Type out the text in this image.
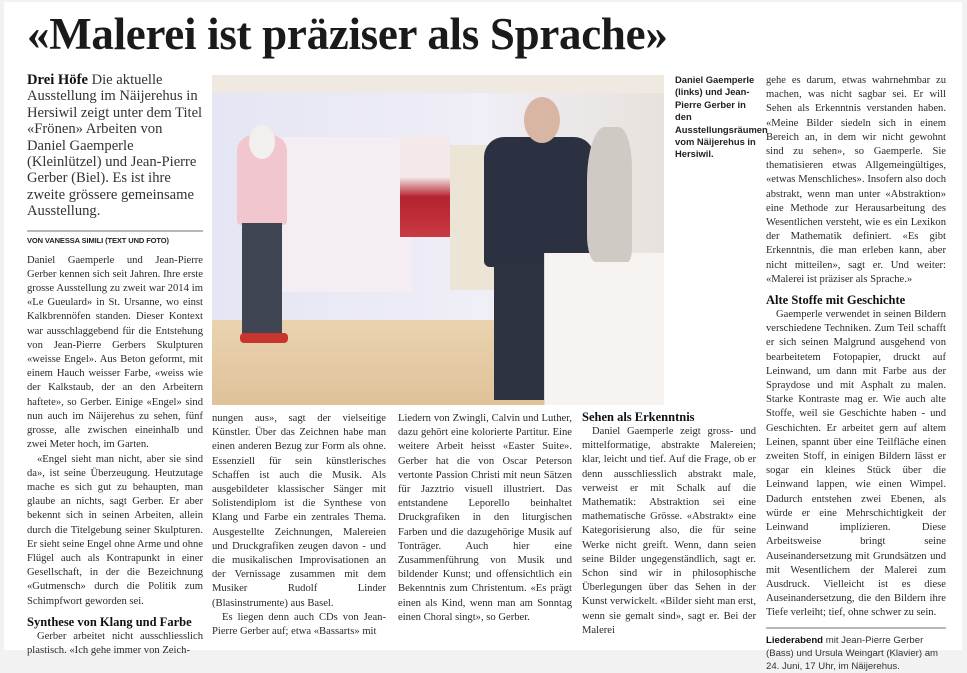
«Malerei ist präziser als Sprache»
Drei Höfe Die aktuelle Ausstellung im Näijerehus in Hersiwil zeigt unter dem Titel «Frönen» Arbeiten von Daniel Gaemperle (Kleinlützel) und Jean-Pierre Gerber (Biel). Es ist ihre zweite grössere gemeinsame Ausstellung.
VON VANESSA SIMILI (TEXT UND FOTO)

Daniel Gaemperle und Jean-Pierre Gerber kennen sich seit Jahren. Ihre erste grosse Ausstellung zu zweit war 2014 im «Le Gueulard» in St. Ursanne, wo einst Kalkbrennöfen standen. Dieser Kontext war ausschlaggebend für die Entstehung von Jean-Pierre Gerbers Skulpturen «weisse Engel». Aus Beton geformt, mit einem Hauch weisser Farbe, «weiss wie der Kalkstaub, der an den Arbeitern haftete», so Gerber. Einige «Engel» sind nun auch im Näijerehus zu sehen, fünf grosse, alle zwischen eineinhalb und zwei Meter hoch, im Garten.

«Engel sieht man nicht, aber sie sind da», ist seine Überzeugung. Heutzutage mache es sich gut zu behaupten, man glaube an nichts, sagt Gerber. Er aber bekennt sich in seinen Arbeiten, allein durch die Titelgebung seiner Skulpturen. Er sieht seine Engel ohne Arme und ohne Flügel auch als Kontrapunkt in einer Gesellschaft, in der die Bezeichnung «Gutmensch» durch die Politik zum Schimpfwort geworden sei.

Synthese von Klang und Farbe

Gerber arbeitet nicht ausschliesslich plastisch. «Ich gehe immer von Zeich-

Daniel Gaemperle (links) und Jean-Pierre Gerber in den Ausstellungsräumen vom Näijerehus in Hersiwil.

nungen aus», sagt der vielseitige Künstler. Über das Zeichnen habe man einen anderen Bezug zur Form als ohne. Essenziell für sein künstlerisches Schaffen ist auch die Musik. Als ausgebildeter klassischer Sänger mit Solistendiplom ist die Synthese von Klang und Farbe ein zentrales Thema. Ausgestellte Zeichnungen, Malereien und Druckgrafiken zeugen davon - und die musikalischen Improvisationen an der Vernissage zusammen mit dem Musiker Rudolf Linder (Blasinstrumente) aus Basel.

Es liegen denn auch CDs von Jean-Pierre Gerber auf; etwa «Bassarts» mit

Liedern von Zwingli, Calvin und Luther, dazu gehört eine kolorierte Partitur. Eine weitere Arbeit heisst «Easter Suite». Gerber hat die von Oscar Peterson vertonte Passion Christi mit neun Sätzen für Jazztrio visuell illustriert. Das entstandene Leporello beinhaltet Druckgrafiken in den liturgischen Farben und die dazugehörige Musik auf Tonträger. Auch hier eine Zusammenführung von Musik und bildender Kunst; und offensichtlich ein Bekenntnis zum Christentum. «Es prägt einen als Kind, wenn man am Sonntag einen Choral singt», so Gerber.

Sehen als Erkenntnis

Daniel Gaemperle zeigt gross- und mittelformatige, abstrakte Malereien; klar, leicht und tief. Auf die Frage, ob er denn ausschliesslich abstrakt male, verweist er mit Schalk auf die Mathematik: Abstraktion sei eine mathematische Grösse. «Abstrakt» eine Kategorisierung also, die für seine Werke nicht greift. Wenn, dann seien seine Bilder ungegenständlich, sagt er. Schon sind wir in philosophische Überlegungen über das Sehen in der Kunst verwickelt. «Bilder sieht man erst, wenn sie gemalt sind», sagt er. Bei der Malerei

gehe es darum, etwas wahrnehmbar zu machen, was nicht sagbar sei. Er will Sehen als Erkenntnis verstanden haben. «Meine Bilder siedeln sich in einem Bereich an, in dem wir nicht gewohnt sind zu sehen», so Gaemperle. Sie thematisieren etwas Allgemeingültiges, «etwas Menschliches». Insofern also doch abstrakt, wenn man unter «Abstraktion» eine Methode zur Herausarbeitung des Wesentlichen versteht, wie es ein Lexikon der Mathematik definiert. «Es gibt Erkenntnis, die man erleben kann, aber nicht mitteilen», sagt er. Und weiter: «Malerei ist präziser als Sprache.»

Alte Stoffe mit Geschichte

Gaemperle verwendet in seinen Bildern verschiedene Techniken. Zum Teil schafft er sich seinen Malgrund ausgehend von bearbeitetem Fotopapier, druckt auf Leinwand, um dann mit Farbe aus der Spraydose und mit Asphalt zu malen. Starke Kontraste mag er. Wie auch alte Stoffe, weil sie Geschichte haben - und Geschichten. Er arbeitet gern auf altem Leinen, spannt über eine Teilfläche einen zweiten Stoff, in einigen Bildern lässt er sogar ein kleines Stück über die Leinwand lappen, wie einen Wimpel. Dadurch entstehen zwei Ebenen, als würde er eine Mehrschichtigkeit der Leinwand implizieren. Diese Arbeitsweise bringt seine Auseinandersetzung mit Grundsätzen und mit Wesentlichem der Malerei zum Ausdruck. Vielleicht ist es diese Auseinandersetzung, die den Bildern ihre Tiefe verleiht; tief, ohne schwer zu sein.

Liederabend mit Jean-Pierre Gerber (Bass) und Ursula Weingart (Klavier) am 24. Juni, 17 Uhr, im Näijerehus.
